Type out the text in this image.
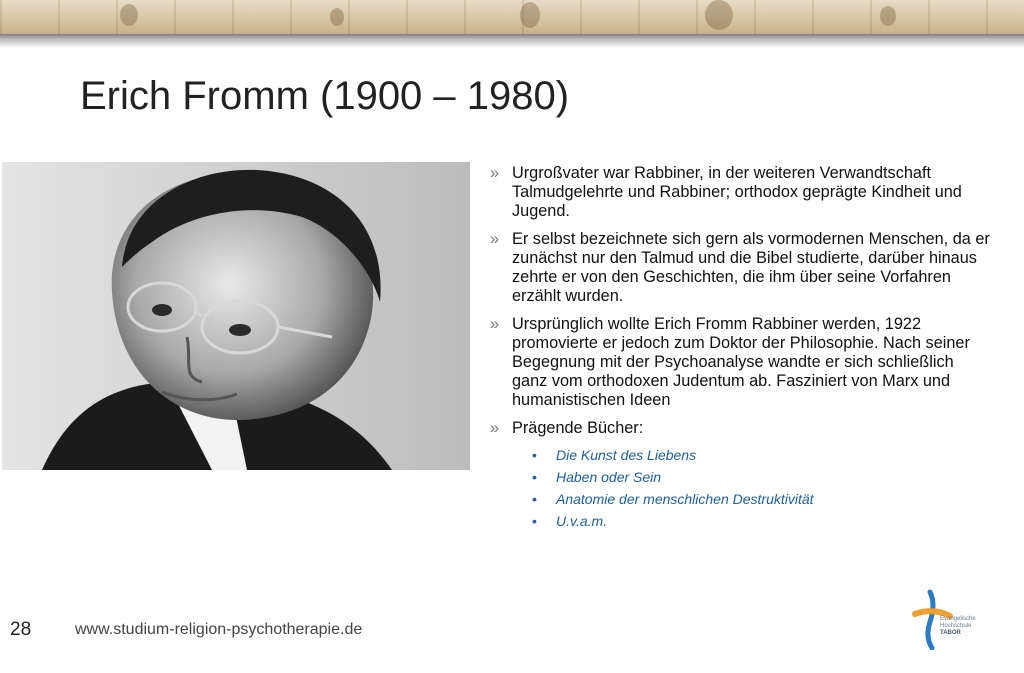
Erich Fromm (1900 – 1980)
» Urgroßvater war Rabbiner, in der weiteren Verwandtschaft Talmudgelehrte und Rabbiner; orthodox geprägte Kindheit und Jugend.
» Er selbst bezeichnete sich gern als vormodernen Menschen, da er zunächst nur den Talmud und die Bibel studierte, darüber hinaus zehrte er von den Geschichten, die ihm über seine Vorfahren erzählt wurden.
» Ursprünglich wollte Erich Fromm Rabbiner werden, 1922 promovierte er jedoch zum Doktor der Philosophie. Nach seiner Begegnung mit der Psychoanalyse wandte er sich schließlich ganz vom orthodoxen Judentum ab. Fasziniert von Marx und humanistischen Ideen
» Prägende Bücher:
• Die Kunst des Liebens
• Haben oder Sein
• Anatomie der menschlichen Destruktivität
• U.v.a.m.
28	www.studium-religion-psychotherapie.de
Evangelische
Hochschule
TABOR
